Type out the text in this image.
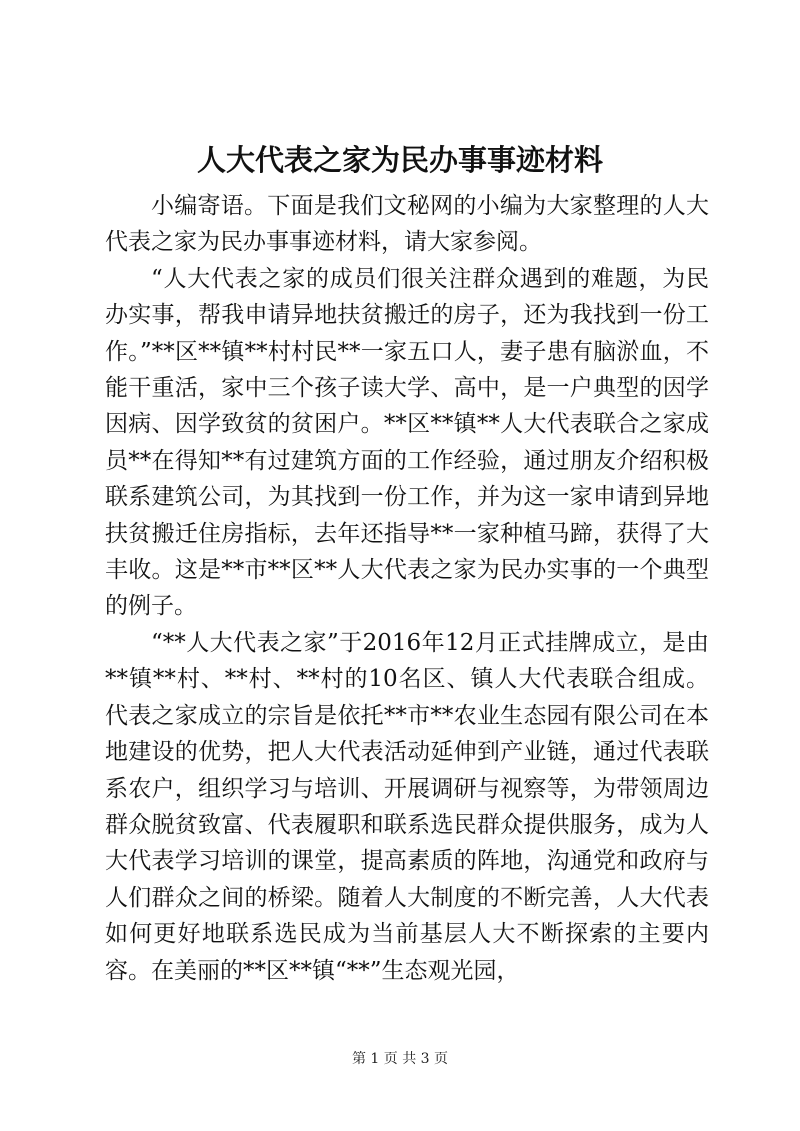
人大代表之家为民办事事迹材料

小编寄语。下面是我们文秘网的小编为大家整理的人大代表之家为民办事事迹材料，请大家参阅。

“人大代表之家的成员们很关注群众遇到的难题，为民办实事，帮我申请异地扶贫搬迁的房子，还为我找到一份工作。”**区**镇**村村民**一家五口人，妻子患有脑淤血，不能干重活，家中三个孩子读大学、高中，是一户典型的因学因病、因学致贫的贫困户。**区**镇**人大代表联合之家成员**在得知**有过建筑方面的工作经验，通过朋友介绍积极联系建筑公司，为其找到一份工作，并为这一家申请到异地扶贫搬迁住房指标，去年还指导**一家种植马蹄，获得了大丰收。这是**市**区**人大代表之家为民办实事的一个典型的例子。

“**人大代表之家”于2016年12月正式挂牌成立，是由**镇**村、**村、**村的10名区、镇人大代表联合组成。代表之家成立的宗旨是依托**市**农业生态园有限公司在本地建设的优势，把人大代表活动延伸到产业链，通过代表联系农户，组织学习与培训、开展调研与视察等，为带领周边群众脱贫致富、代表履职和联系选民群众提供服务，成为人大代表学习培训的课堂，提高素质的阵地，沟通党和政府与人们群众之间的桥梁。随着人大制度的不断完善，人大代表如何更好地联系选民成为当前基层人大不断探索的主要内容。在美丽的**区**镇“**”生态观光园，

第 1 页 共 3 页
